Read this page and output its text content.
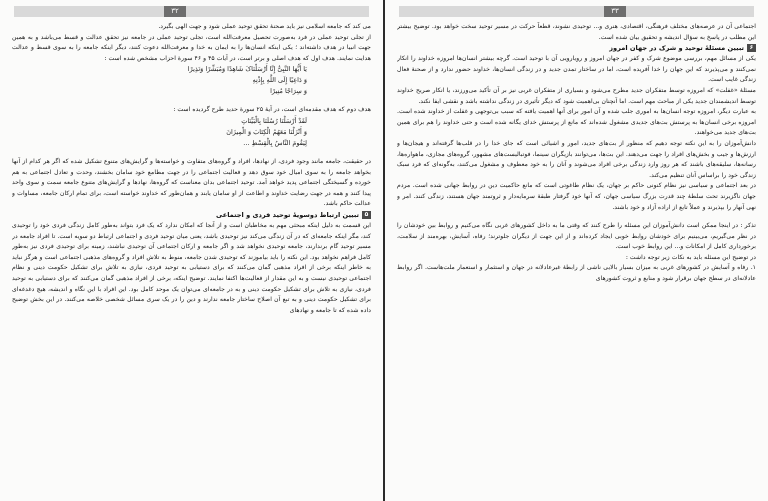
۳۲
می کند که جامعه اسلامی نیز باید صحنهٔ تحقق توحید عملی شود و جهت الهی بگیرد.
از تجلی توحید عملی در فرد به‌صورت تحصیل معرفت‌الله است، تجلی توحید عملی در جامعه نیز تحقق عدالت و قسط می‌باشد و به همین جهت انبیا در هدف داشته‌اند ؛ یکی اینکه انسان‌ها را به ایمان به خدا و معرفت‌الله دعوت کنند، دیگر اینکه جامعه را به سوی قسط و عدالت هدایت نمایند. هدف اول که هدف اصلی و برتر است، در آیات ۴۵ و ۴۶ سورهٔ احزاب مشخص شده است :
یَا أَیُّهَا النَّبِیُّ إِنَّا أَرْسَلْنَاکَ شَاهِدًا وَمُبَشِّرًا وَنَذِیرًا
وَ دَاعِیًا إِلَی اللَّهِ بِإِذْنِهِ
وَ سِرَاجًا مُنِیرًا
هدف دوم که هدف مقدمه‌ای است، در آیهٔ ۲۵ سورهٔ حدید طرح گردیده است :
لَقَدْ أَرْسَلْنَا رُسُلَنَا بِالْبَیِّنَاتِ
وَ أَنْزَلْنَا مَعَهُمُ الْکِتَابَ وَ الْمِیزَانَ
لِیَقُومَ النَّاسُ بِالْقِسْطِ ...
در حقیقت، جامعه مانند وجود فردی، از نهادها، افراد و گروه‌های متفاوت و خواسته‌ها و گرایش‌های متنوع تشکیل شده که اگر هر کدام از آنها بخواهد جامعه را به سوی امیال خود سوق دهد و فعالیت اجتماعی را در جهت مطامع خود سامان بخشند، وحدت و تعادل اجتماعی به هم خورده و گسیختگی اجتماعی پدید خواهد آمد. توحید اجتماعی بدان معناست که گروه‌ها، نهادها و گرایش‌های متنوع جامعه سمت و سوی واحد پیدا کنند و همه در جهت رضایت خداوند و اطاعت از او سامان یابند و همان‌طور که خداوند خواسته است، برای تمام ارکان جامعه، مساوات و عدالت حاکم باشد.
۵تبیین ارتباط دوسویهٔ توحید فردی و اجتماعی
این قسمت به دلیل اینکه مبحثی مهم به مخاطبان است و از آنجا که امکان ندارد که یک فرد بتواند به‌طور کامل زندگی فردی خود را توحیدی کند، مگر اینکه جامعه‌ای که در آن زندگی می‌کند نیز توحیدی باشد، یعنی میان توحید فردی و اجتماعی ارتباط دو سویه است. تا افراد جامعه در مسیر توحید گام برندارند، جامعه توحیدی نخواهد شد و اگر جامعه و ارکان اجتماعی آن توحیدی نباشند، زمینه برای توحیدی فردی نیز به‌طور کامل فراهم نخواهد بود. این نکته را باید بیاموزند که توحیدی شدن جامعه، منوط به تلاش افراد و گروه‌های مذهبی اجتماعی است و هرگز نباید به خاطر اینکه برخی از افراد مذهبی گمان می‌کنند که برای دستیابی به توحید فردی، نیازی به تلاش برای تشکیل حکومت دینی و نظام اجتماعی توحیدی نیست و به این مقدار از فعالیت‌ها اکتفا نمایند. توضیح اینکه، برخی از افراد مذهبی گمان می‌کنند که برای دستیابی به توحید فردی، نیازی به تلاش برای تشکیل حکومت دینی و به در جامعه‌ای می‌توان یک موحد کامل بود. این افراد با این نگاه و اندیشه، هیچ دغدغه‌ای برای تشکیل حکومت دینی و به تبع آن اصلاح ساختار جامعه ندارند و دین را در یک سری مسائل شخصی خلاصه می‌کنند. در این بخش توضیح داده شده که تا جامعه و نهادهای
۳۳
اجتماعی آن در عرصه‌های مختلف فرهنگی، اقتصادی، هنری و... توحیدی نشوند، قطعاً حرکت در مسیر توحید سخت خواهد بود. توضیح بیشتر این مطلب در پاسخ به سؤال اندیشه و تحقیق بیان شده است.
۶تبیین مسئلهٔ توحید و شرک در جهان امروز
یکی از مسائل مهم، بررسی موضوع شرک و کفر در جهان امروز و رویارویی آن با توحید است. گرچه بیشتر انسان‌ها امروزه خداوند را انکار نمی‌کنند و می‌پذیرند که این جهان را خدا آفریده است، اما در ساختار تمدن جدید و در زندگی انسان‌ها، خداوند حضور ندارد و از صحنهٔ فعال زندگی غایب است.
مسئلهٔ «غفلت» که امروزه توسط متفکران جدید مطرح می‌شود و بسیاری از متفکران غربی نیز بر آن تأکید می‌ورزند، یا انکار صریح خداوند توسط اندیشمندان جدید یکی از مباحث مهم است. اما آنچنان بی‌اهمیت شود که دیگر تأثیری در زندگی نداشته باشد و نقشی ایفا نکند.
به عبارت دیگر، امروزه توجه انسان‌ها به اموری جلب شده و آن امور برای آنها اهمیت یافته که سبب بی‌توجهی و غفلت از خداوند شده است. امروزه برخی انسان‌ها به پرستش بت‌های جدیدی مشغول شده‌اند که مانع از پرستش خدای یگانه شده است و حتی خداوند را هم برای همین بت‌های جدید می‌خواهند.
دانش‌آموزان را به این نکته توجه دهیم که منظور از بت‌های جدید، امور و اشیائی است که جای خدا را در قلب‌ها گرفته‌اند و هیجان‌ها و ارزش‌ها و جیب و بخش‌های افراد را جهت می‌دهند. این بت‌ها، می‌توانند بازیگران سینما، فوتبالیست‌های مشهور، گروه‌های مجازی، ماهواره‌ها، رسانه‌ها، سلیقه‌های باشند که هر روز وارد زندگی برخی افراد می‌شوند و آنان را به خود معطوف و مشغول می‌کنند، به‌گونه‌ای که فرد سبک زندگی خود را براساس آنان تنظیم می‌کند.
در بعد اجتماعی و سیاسی نیز نظام کنونی حاکم بر جهان، یک نظام طاغوتی است که مانع حاکمیت دین در روابط جهانی شده است. مردم جهان ناگزیرند تحت سلطهٔ چند قدرت بزرگ سیاسی جهان، که آنها خود گرفتار طبقهٔ سرمایه‌دار و ثروتمند جهان هستند، زندگی کنند. امر و نهی آنهار را بپذیرند و عملاً تابع از اراده آزاد و خود باشند.
تذکر : در اینجا ممکن است دانش‌آموزان این مسئله را طرح کنند که وقتی ما به داخل کشورهای غربی نگاه می‌کنیم و روابط بین خودشان را در نظر می‌گیریم، می‌بینیم برای خودشان روابط خوبی ایجاد کرده‌اند و از این جهت از دیگران جلوترند؛ رفاه، آسایش، بهره‌مند از سلامت، برخورداری کامل از امکانات و... این روابط خوب است.
در توضیح این مسئله باید به نکات زیر توجه داشت :
۱. رفاه و آسایش در کشورهای غربی به میزان بسیار بالایی ناشی از رابطهٔ غیرعادلانه در جهان و استثمار و استعمار ملت‌هاست. اگر روابط عادلانه‌ای در سطح جهان برقرار شود و منابع و ثروت کشورهای
